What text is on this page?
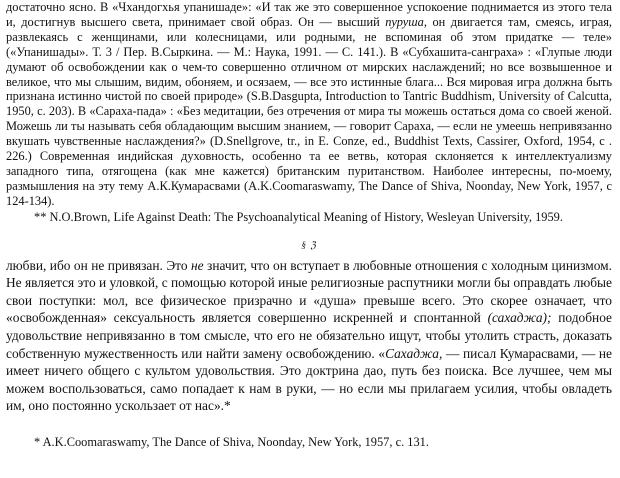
достаточно ясно. В «Чхандогхья упанишаде»: «И так же это совершенное успокоение поднимается из этого тела и, достигнув высшего света, принимает свой образ. Он — высший пуруша, он двигается там, смеясь, играя, развлекаясь с женщинами, или колесницами, или родными, не вспоминая об этом придатке — теле» («Упанишады». Т. 3 / Пер. В.Сыркина. — М.: Наука, 1991. — С. 141.). В «Субхашита-санграха» : «Глупые люди думают об освобождении как о чем-то совершенно отличном от мирских наслаждений; но все возвышенное и великое, что мы слышим, видим, обоняем, и осязаем, — все это истинные блага... Вся мировая игра должна быть признана истинно чистой по своей природе» (S.B.Dasgupta, Introduction to Tantric Buddhism, University of Calcutta, 1950, c. 203). В «Сараха-пада» : «Без медитации, без отречения от мира ты можешь остаться дома со своей женой. Можешь ли ты называть себя обладающим высшим знанием, — говорит Сараха, — если не умеешь непривязанно вкушать чувственные наслаждения?» (D.Snellgrove, tr., in E. Conze, ed., Buddhist Texts, Cassirer, Oxford, 1954, c . 226.) Современная индийская духовность, особенно та ее ветвь, которая склоняется к интеллектуализму западного типа, отягощена (как мне кажется) британским пуританством. Наиболее интересны, по-моему, размышления на эту тему А.К.Кумарасвами (A.K.Coomaraswamy, The Dance of Shiva, Noonday, New York, 1957, с 124-134).

** N.O.Brown, Life Against Death: The Psychoanalytical Meaning of History, Wesleyan University, 1959.

§ ℨ

любви, ибо он не привязан. Это не значит, что он вступает в любовные отношения с холодным цинизмом. Не является это и уловкой, с помощью которой иные религиозные распутники могли бы оправдать любые свои поступки: мол, все физическое призрачно и «душа» превыше всего. Это скорее означает, что «освобожденная» сексуальность является совершенно искренней и спонтанной (сахаджа); подобное удовольствие непривязанно в том смысле, что его не обязательно ищут, чтобы утолить страсть, доказать собственную мужественность или найти замену освобождению. «Сахаджа, — писал Кумарасвами, — не имеет ничего общего с культом удовольствия. Это доктрина дао, путь без поиска. Все лучшее, чем мы можем воспользоваться, само попадает к нам в руки, — но если мы прилагаем усилия, чтобы овладеть им, оно постоянно ускользает от нас».*

* A.K.Coomaraswamy, The Dance of Shiva, Noonday, New York, 1957, c. 131.
